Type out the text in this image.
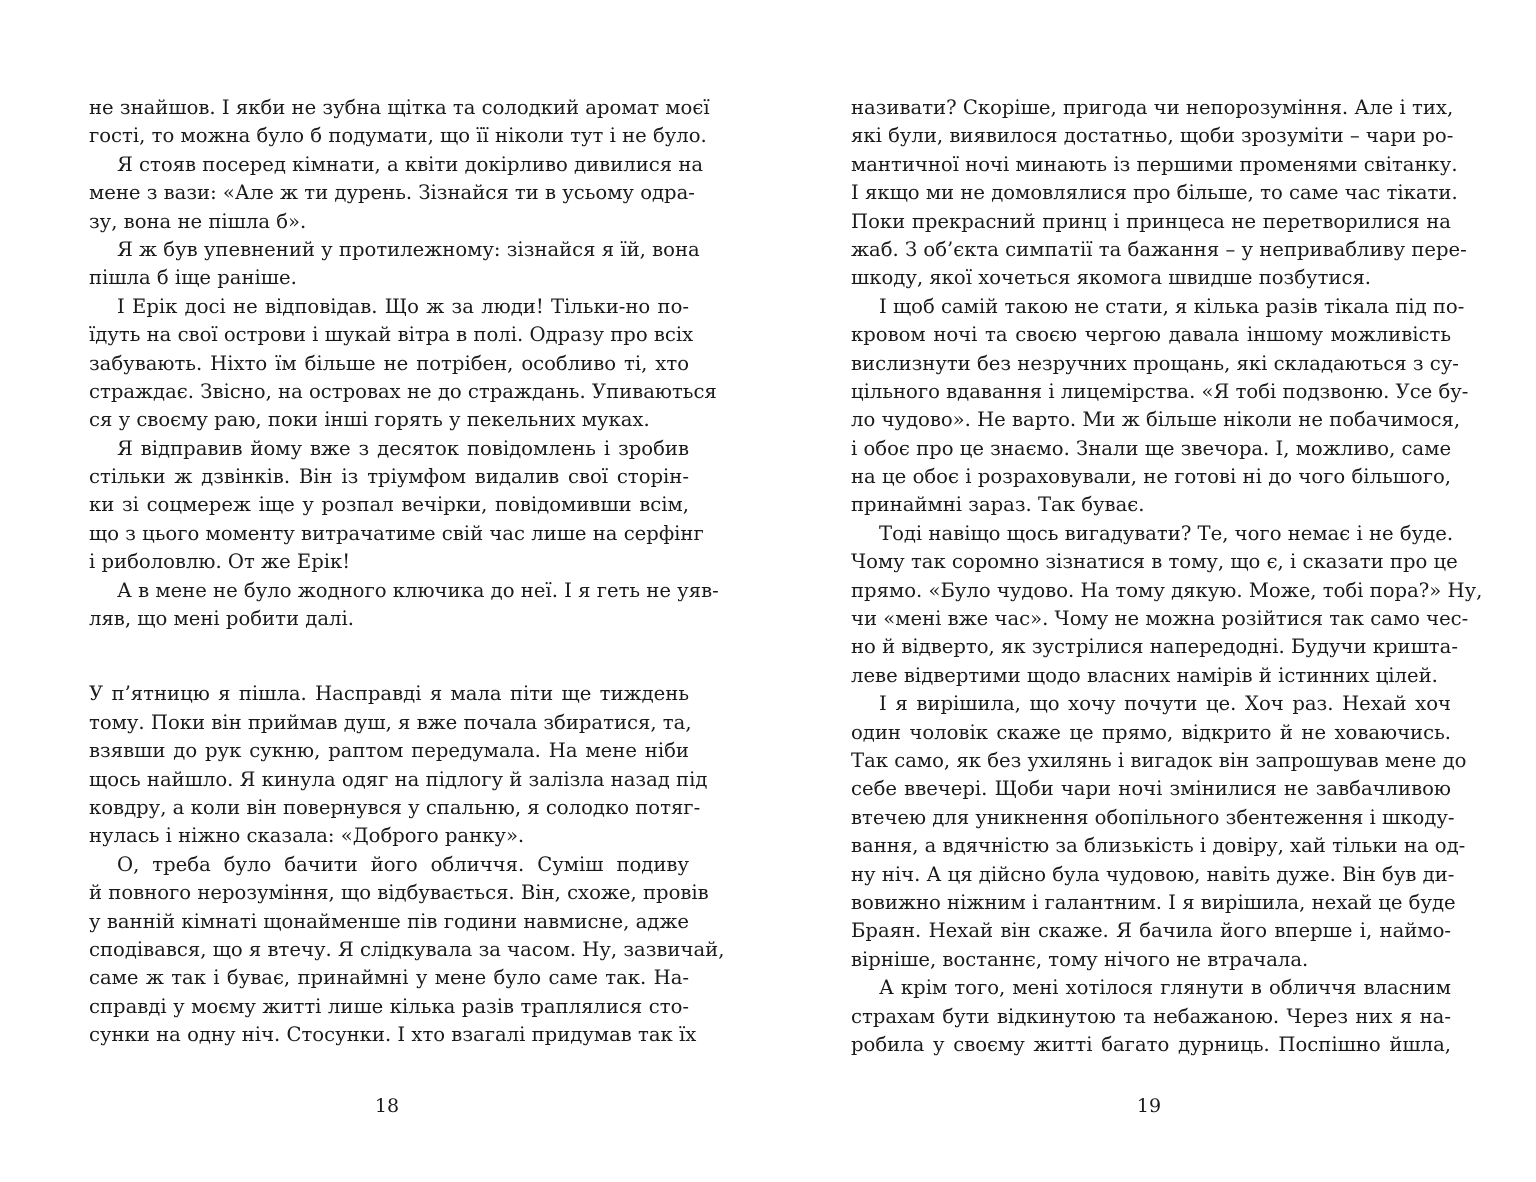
не знайшов. І якби не зубна щітка та солодкий аромат моєї
гості, то можна було б подумати, що її ніколи тут і не було.
Я стояв посеред кімнати, а квіти докірливо дивилися на
мене з вази: «Але ж ти дурень. Зізнайся ти в усьому одра-
зу, вона не пішла б».
Я ж був упевнений у протилежному: зізнайся я їй, вона
пішла б іще раніше.
І Ерік досі не відповідав. Що ж за люди! Тільки-но по-
їдуть на свої острови і шукай вітра в полі. Одразу про всіх
забувають. Ніхто їм більше не потрібен, особливо ті, хто
страждає. Звісно, на островах не до страждань. Упиваються
ся у своєму раю, поки інші горять у пекельних муках.
Я відправив йому вже з десяток повідомлень і зробив
стільки ж дзвінків. Він із тріумфом видалив свої сторін-
ки зі соцмереж іще у розпал вечірки, повідомивши всім,
що з цього моменту витрачатиме свій час лише на серфінг
і риболовлю. От же Ерік!
А в мене не було жодного ключика до неї. І я геть не уяв-
ляв, що мені робити далі.
У п’ятницю я пішла. Насправді я мала піти ще тиждень
тому. Поки він приймав душ, я вже почала збиратися, та,
взявши до рук сукню, раптом передумала. На мене ніби
щось найшло. Я кинула одяг на підлогу й залізла назад під
ковдру, а коли він повернувся у спальню, я солодко потяг-
нулась і ніжно сказала: «Доброго ранку».
О, треба було бачити його обличчя. Суміш подиву
й повного нерозуміння, що відбувається. Він, схоже, провів
у ванній кімнаті щонайменше пів години навмисне, адже
сподівався, що я втечу. Я слідкувала за часом. Ну, зазвичай,
саме ж так і буває, принаймні у мене було саме так. На-
справді у моєму житті лише кілька разів траплялися сто-
сунки на одну ніч. Стосунки. І хто взагалі придумав так їх
18
називати? Скоріше, пригода чи непорозуміння. Але і тих,
які були, виявилося достатньо, щоби зрозуміти – чари ро-
мантичної ночі минають із першими променями світанку.
І якщо ми не домовлялися про більше, то саме час тікати.
Поки прекрасний принц і принцеса не перетворилися на
жаб. З об’єкта симпатії та бажання – у непривабливу пере-
шкоду, якої хочеться якомога швидше позбутися.
І щоб самій такою не стати, я кілька разів тікала під по-
кровом ночі та своєю чергою давала іншому можливість
вислизнути без незручних прощань, які складаються з су-
цільного вдавання і лицемірства. «Я тобі подзвоню. Усе бу-
ло чудово». Не варто. Ми ж більше ніколи не побачимося,
і обоє про це знаємо. Знали ще звечора. І, можливо, саме
на це обоє і розраховували, не готові ні до чого більшого,
принаймні зараз. Так буває.
Тоді навіщо щось вигадувати? Те, чого немає і не буде.
Чому так соромно зізнатися в тому, що є, і сказати про це
прямо. «Було чудово. На тому дякую. Може, тобі пора?» Ну,
чи «мені вже час». Чому не можна розійтися так само чес-
но й відверто, як зустрілися напередодні. Будучи кришта-
леве відвертими щодо власних намірів й істинних цілей.
І я вирішила, що хочу почути це. Хоч раз. Нехай хоч
один чоловік скаже це прямо, відкрито й не ховаючись.
Так само, як без ухилянь і вигадок він запрошував мене до
себе ввечері. Щоби чари ночі змінилися не завбачливою
втечею для уникнення обопільного збентеження і шкоду-
вання, а вдячністю за близькість і довіру, хай тільки на од-
ну ніч. А ця дійсно була чудовою, навіть дуже. Він був ди-
вовижно ніжним і галантним. І я вирішила, нехай це буде
Браян. Нехай він скаже. Я бачила його вперше і, наймо-
вірніше, востаннє, тому нічого не втрачала.
А крім того, мені хотілося глянути в обличчя власним
страхам бути відкинутою та небажаною. Через них я на-
робила у своєму житті багато дурниць. Поспішно йшла,
19
